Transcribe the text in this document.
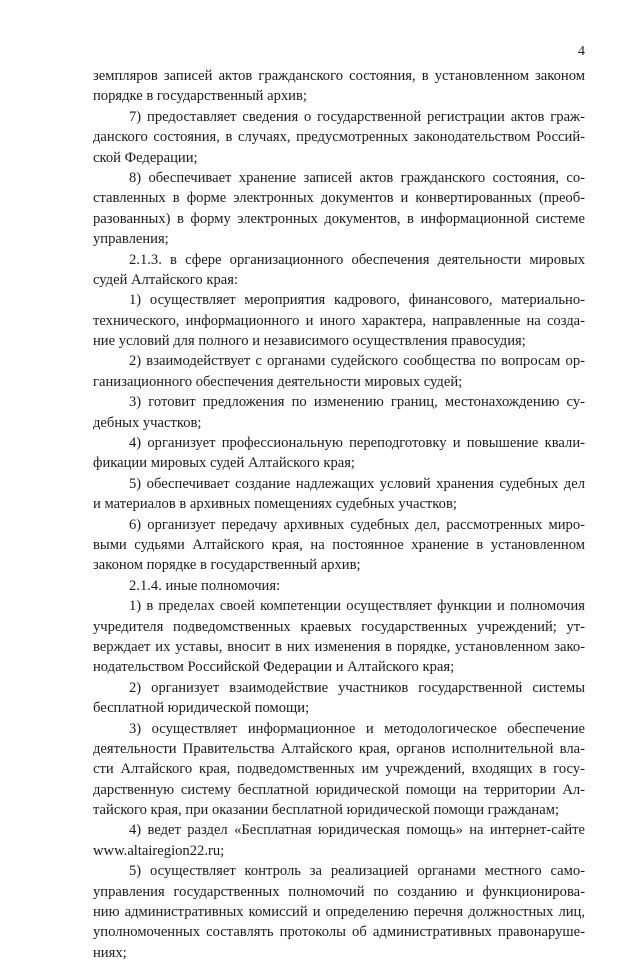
4
земпляров записей актов гражданского состояния, в установленном законом
порядке в государственный архив;
7) предоставляет сведения о государственной регистрации актов граж-
данского состояния, в случаях, предусмотренных законодательством Россий-
ской Федерации;
8) обеспечивает хранение записей актов гражданского состояния, со-
ставленных в форме электронных документов и конвертированных (преоб-
разованных) в форму электронных документов, в информационной системе
управления;
2.1.3. в сфере организационного обеспечения деятельности мировых
судей Алтайского края:
1) осуществляет мероприятия кадрового, финансового, материально-
технического, информационного и иного характера, направленные на созда-
ние условий для полного и независимого осуществления правосудия;
2) взаимодействует с органами судейского сообщества по вопросам ор-
ганизационного обеспечения деятельности мировых судей;
3) готовит предложения по изменению границ, местонахождению су-
дебных участков;
4) организует профессиональную переподготовку и повышение квали-
фикации мировых судей Алтайского края;
5) обеспечивает создание надлежащих условий хранения судебных дел
и материалов в архивных помещениях судебных участков;
6) организует передачу архивных судебных дел, рассмотренных миро-
выми судьями Алтайского края, на постоянное хранение в установленном
законом порядке в государственный архив;
2.1.4. иные полномочия:
1) в пределах своей компетенции осуществляет функции и полномочия
учредителя подведомственных краевых государственных учреждений; ут-
верждает их уставы, вносит в них изменения в порядке, установленном зако-
нодательством Российской Федерации и Алтайского края;
2) организует взаимодействие участников государственной системы
бесплатной юридической помощи;
3) осуществляет информационное и методологическое обеспечение
деятельности Правительства Алтайского края, органов исполнительной вла-
сти Алтайского края, подведомственных им учреждений, входящих в госу-
дарственную систему бесплатной юридической помощи на территории Ал-
тайского края, при оказании бесплатной юридической помощи гражданам;
4) ведет раздел «Бесплатная юридическая помощь» на интернет-сайте
www.altairegion22.ru;
5) осуществляет контроль за реализацией органами местного само-
управления государственных полномочий по созданию и функционирова-
нию административных комиссий и определению перечня должностных лиц,
уполномоченных составлять протоколы об административных правонаруше-
ниях;
